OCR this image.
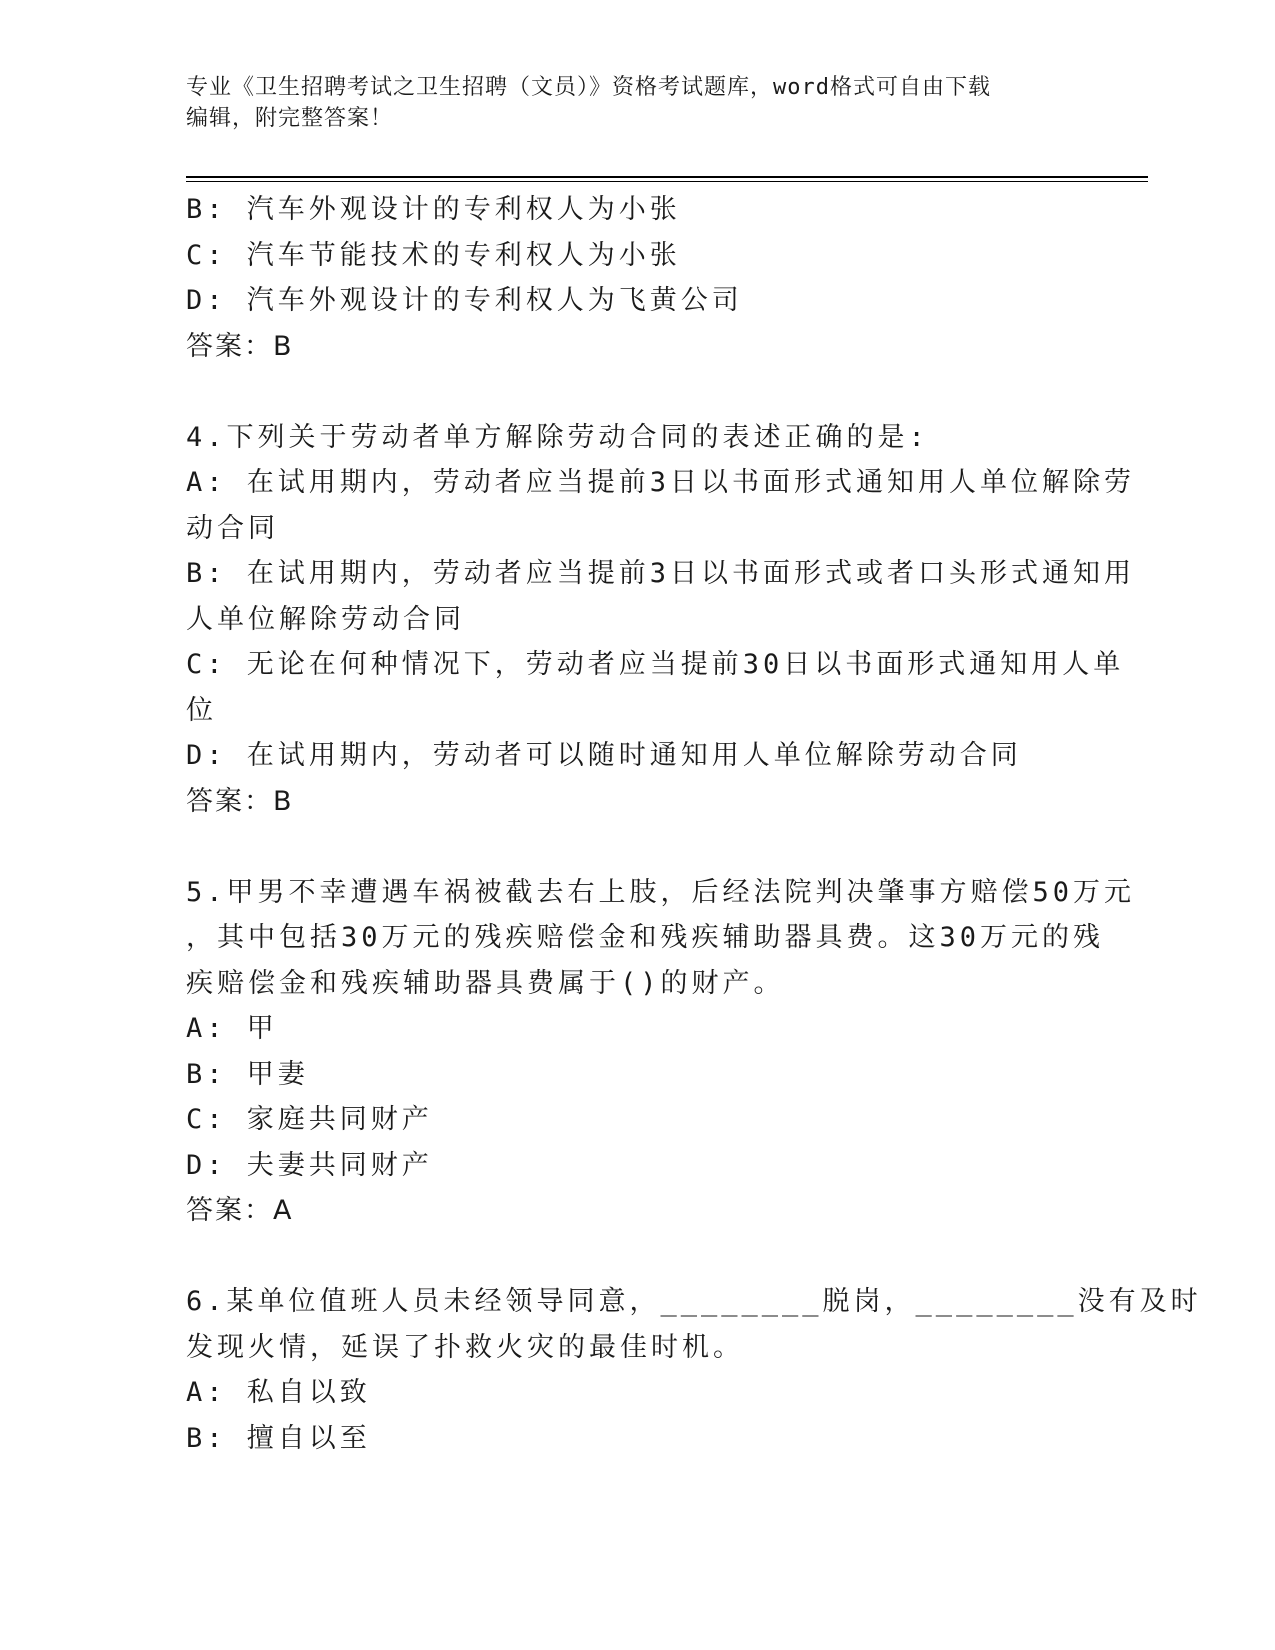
专业《卫生招聘考试之卫生招聘（文员）》资格考试题库，word格式可自由下载
编辑，附完整答案！
B: 汽车外观设计的专利权人为小张
C: 汽车节能技术的专利权人为小张
D: 汽车外观设计的专利权人为飞黄公司
答案：B
4.下列关于劳动者单方解除劳动合同的表述正确的是:
A: 在试用期内，劳动者应当提前3日以书面形式通知用人单位解除劳
动合同
B: 在试用期内，劳动者应当提前3日以书面形式或者口头形式通知用
人单位解除劳动合同
C: 无论在何种情况下，劳动者应当提前30日以书面形式通知用人单
位
D: 在试用期内，劳动者可以随时通知用人单位解除劳动合同
答案：B
5.甲男不幸遭遇车祸被截去右上肢，后经法院判决肇事方赔偿50万元
，其中包括30万元的残疾赔偿金和残疾辅助器具费。这30万元的残
疾赔偿金和残疾辅助器具费属于()的财产。
A: 甲
B: 甲妻
C: 家庭共同财产
D: 夫妻共同财产
答案：A
6.某单位值班人员未经领导同意，________脱岗，________没有及时
发现火情，延误了扑救火灾的最佳时机。
A: 私自以致
B: 擅自以至
